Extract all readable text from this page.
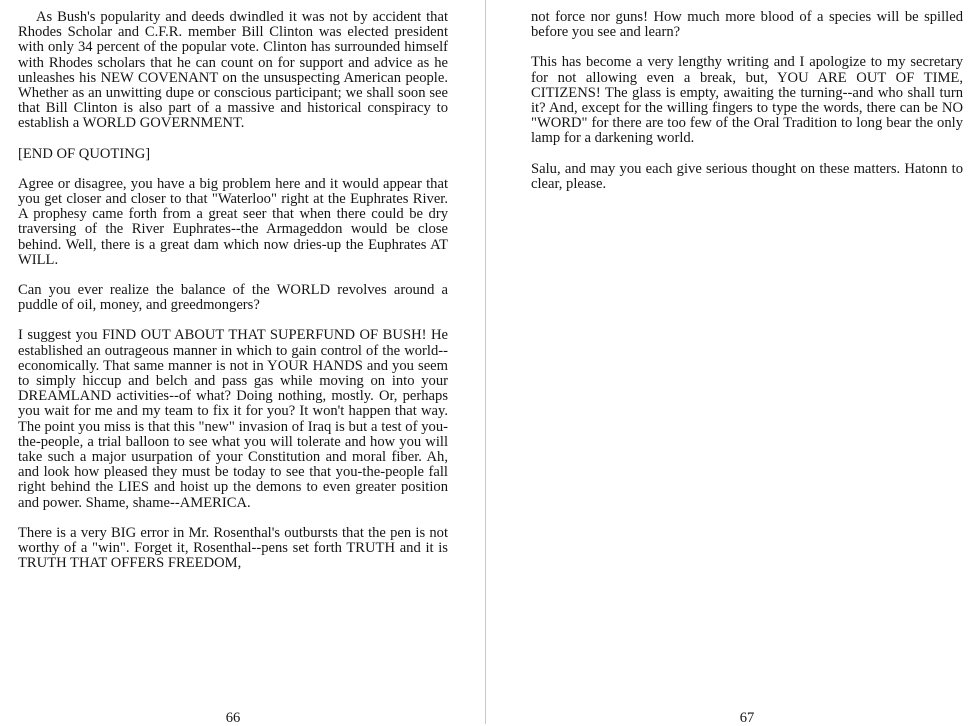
As Bush's popularity and deeds dwindled it was not by accident that Rhodes Scholar and C.F.R. member Bill Clinton was elected president with only 34 percent of the popular vote. Clinton has surrounded himself with Rhodes scholars that he can count on for support and advice as he unleashes his NEW COVENANT on the unsuspecting American people. Whether as an unwitting dupe or conscious participant; we shall soon see that Bill Clinton is also part of a massive and historical conspiracy to establish a WORLD GOVERNMENT.

[END OF QUOTING]

Agree or disagree, you have a big problem here and it would appear that you get closer and closer to that "Waterloo" right at the Euphrates River. A prophesy came forth from a great seer that when there could be dry traversing of the River Euphrates--the Armageddon would be close behind. Well, there is a great dam which now dries-up the Euphrates AT WILL.

Can you ever realize the balance of the WORLD revolves around a puddle of oil, money, and greedmongers?

I suggest you FIND OUT ABOUT THAT SUPERFUND OF BUSH! He established an outrageous manner in which to gain control of the world--economically. That same manner is not in YOUR HANDS and you seem to simply hiccup and belch and pass gas while moving on into your DREAMLAND activities--of what? Doing nothing, mostly. Or, perhaps you wait for me and my team to fix it for you? It won't happen that way. The point you miss is that this "new" invasion of Iraq is but a test of you-the-people, a trial balloon to see what you will tolerate and how you will take such a major usurpation of your Constitution and moral fiber. Ah, and look how pleased they must be today to see that you-the-people fall right behind the LIES and hoist up the demons to even greater position and power. Shame, shame--AMERICA.

There is a very BIG error in Mr. Rosenthal's outbursts that the pen is not worthy of a "win". Forget it, Rosenthal--pens set forth TRUTH and it is TRUTH THAT OFFERS FREEDOM,

66

not force nor guns! How much more blood of a species will be spilled before you see and learn?

This has become a very lengthy writing and I apologize to my secretary for not allowing even a break, but, YOU ARE OUT OF TIME, CITIZENS! The glass is empty, awaiting the turning--and who shall turn it? And, except for the willing fingers to type the words, there can be NO "WORD" for there are too few of the Oral Tradition to long bear the only lamp for a darkening world.

Salu, and may you each give serious thought on these matters. Hatonn to clear, please.

67
